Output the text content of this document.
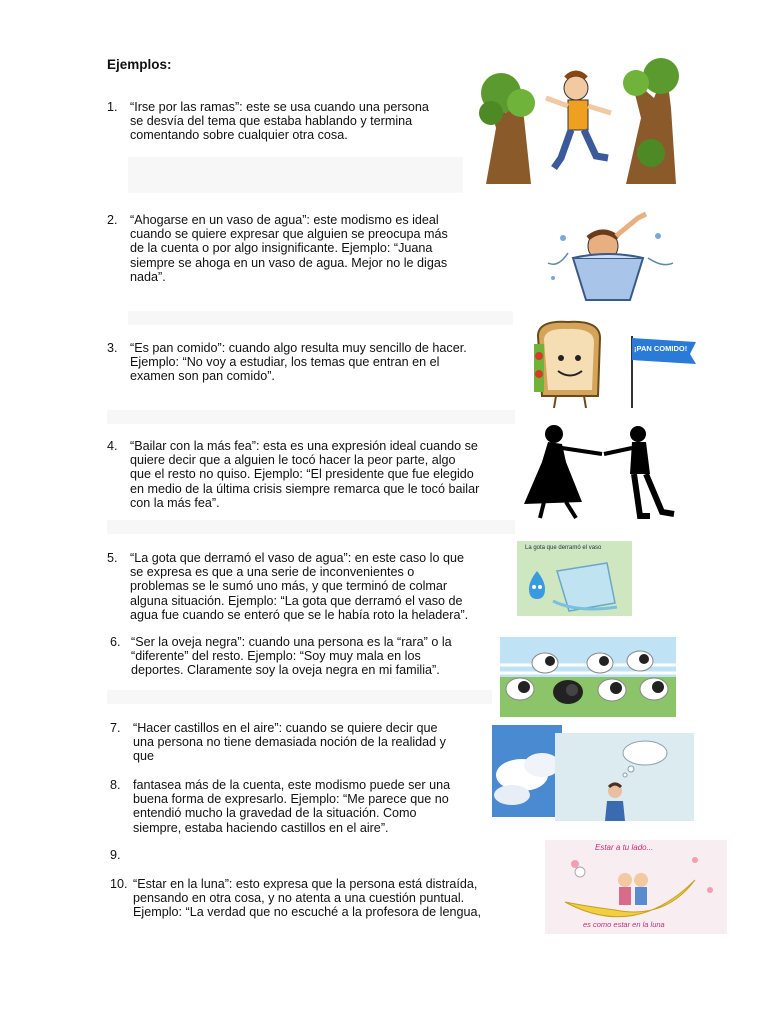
Ejemplos:
1. “Irse por las ramas”: este se usa cuando una persona
se desvía del tema que estaba hablando y termina
comentando sobre cualquier otra cosa.
2. “Ahogarse en un vaso de agua”: este modismo es ideal
cuando se quiere expresar que alguien se preocupa más
de la cuenta o por algo insignificante. Ejemplo: “Juana
siempre se ahoga en un vaso de agua. Mejor no le digas
nada”.
3. “Es pan comido”: cuando algo resulta muy sencillo de hacer.
Ejemplo: “No voy a estudiar, los temas que entran en el
examen son pan comido”.
4. “Bailar con la más fea”: esta es una expresión ideal cuando se
quiere decir que a alguien le tocó hacer la peor parte, algo
que el resto no quiso. Ejemplo: “El presidente que fue elegido
en medio de la última crisis siempre remarca que le tocó bailar
con la más fea”.
5. “La gota que derramó el vaso de agua”: en este caso lo que
se expresa es que a una serie de inconvenientes o
problemas se le sumó uno más, y que terminó de colmar
alguna situación. Ejemplo: “La gota que derramó el vaso de
agua fue cuando se enteró que se le había roto la heladera”.
6. “Ser la oveja negra”: cuando una persona es la “rara” o la
“diferente” del resto. Ejemplo: “Soy muy mala en los
deportes. Claramente soy la oveja negra en mi familia”.
7. “Hacer castillos en el aire”: cuando se quiere decir que
una persona no tiene demasiada noción de la realidad y
que
8. fantasea más de la cuenta, este modismo puede ser una
buena forma de expresarlo. Ejemplo: “Me parece que no
entendió mucho la gravedad de la situación. Como
siempre, estaba haciendo castillos en el aire”.
9.
10. “Estar en la luna”: esto expresa que la persona está distraída,
pensando en otra cosa, y no atenta a una cuestión puntual.
Ejemplo: “La verdad que no escuché a la profesora de lengua,
¡PAN COMIDO!
La gota que derramó el vaso
Estar a tu lado...
es como estar en la luna
